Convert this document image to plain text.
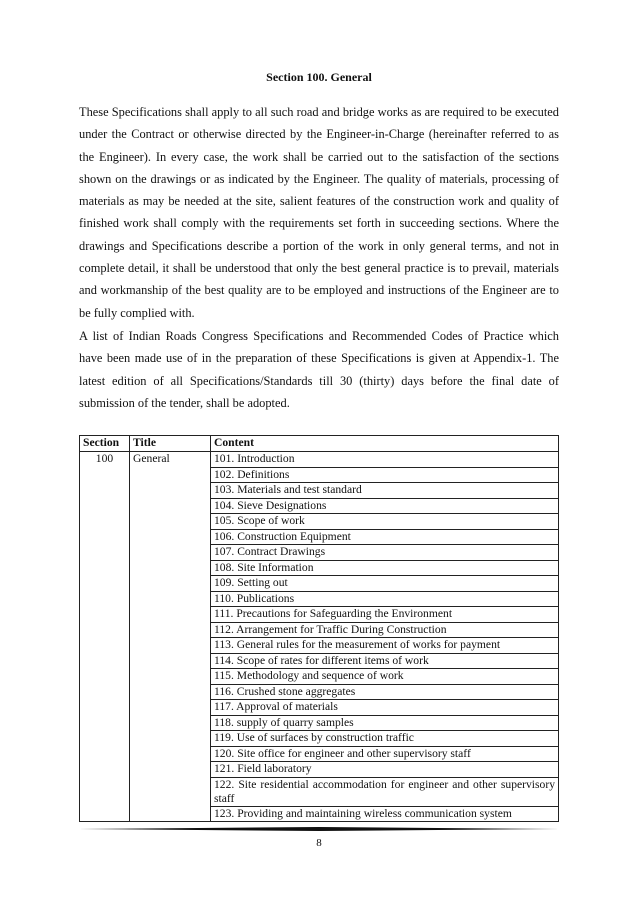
Section 100. General

These Specifications shall apply to all such road and bridge works as are required to be executed under the Contract or otherwise directed by the Engineer-in-Charge (hereinafter referred to as the Engineer). In every case, the work shall be carried out to the satisfaction of the sections shown on the drawings or as indicated by the Engineer. The quality of materials, processing of materials as may be needed at the site, salient features of the construction work and quality of finished work shall comply with the requirements set forth in succeeding sections. Where the drawings and Specifications describe a portion of the work in only general terms, and not in complete detail, it shall be understood that only the best general practice is to prevail, materials and workmanship of the best quality are to be employed and instructions of the Engineer are to be fully complied with.

A list of Indian Roads Congress Specifications and Recommended Codes of Practice which have been made use of in the preparation of these Specifications is given at Appendix-1. The latest edition of all Specifications/Standards till 30 (thirty) days before the final date of submission of the tender, shall be adopted.

Section	Title	Content
100	General	101. Introduction
		102. Definitions
		103. Materials and test standard
		104. Sieve Designations
		105. Scope of work
		106. Construction Equipment
		107. Contract Drawings
		108. Site Information
		109. Setting out
		110. Publications
		111. Precautions for Safeguarding the Environment
		112. Arrangement for Traffic During Construction
		113. General rules for the measurement of works for payment
		114. Scope of rates for different items of work
		115. Methodology and sequence of work
		116. Crushed stone aggregates
		117. Approval of materials
		118. supply of quarry samples
		119. Use of surfaces by construction traffic
		120. Site office for engineer and other supervisory staff
		121. Field laboratory
		122. Site residential accommodation for engineer and other supervisory staff
		123. Providing and maintaining wireless communication system
8
